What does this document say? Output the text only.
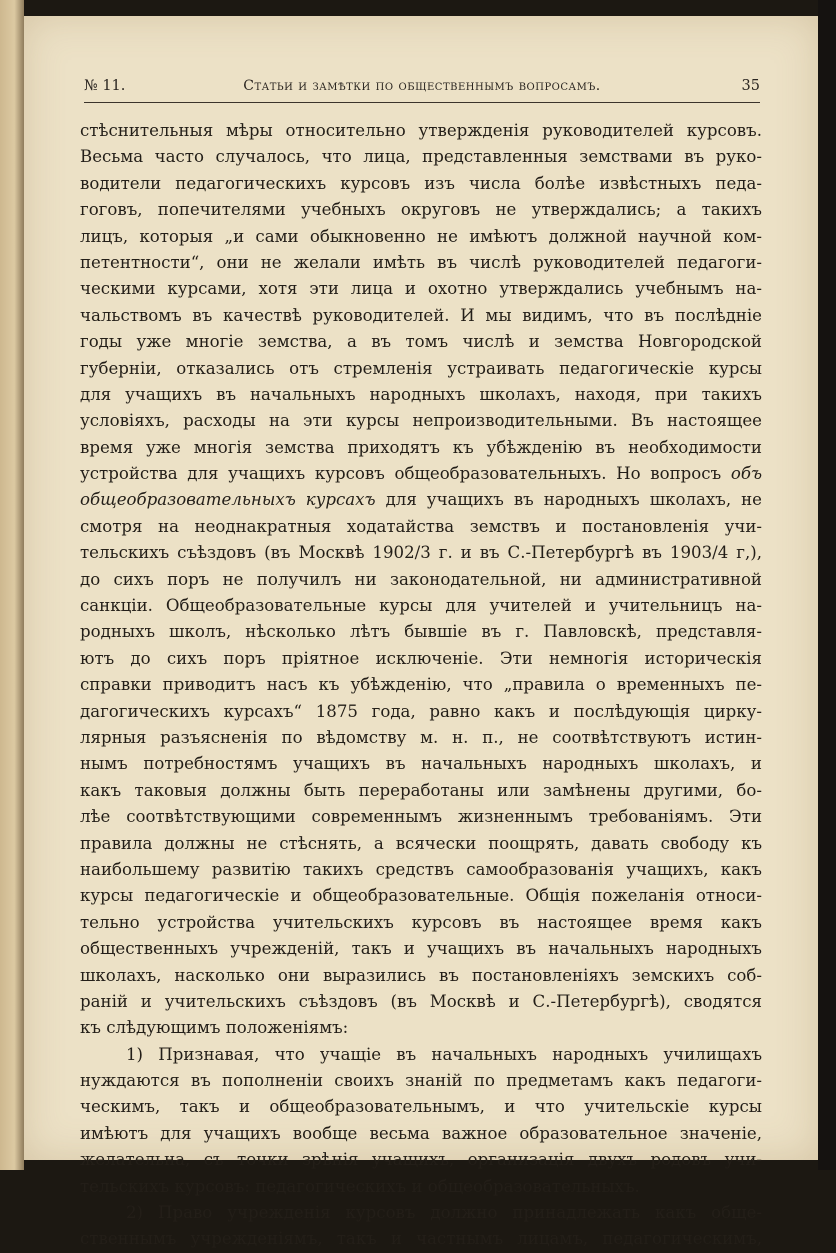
№ 11.	Статьи и замѣтки по общественнымъ вопросамъ.	35
стѣснительныя мѣры относительно утвержденія руководителей курсовъ.
Весьма часто случалось, что лица, представленныя земствами въ руко-
водители педагогическихъ курсовъ изъ числа болѣе извѣстныхъ педа-
гоговъ, попечителями учебныхъ округовъ не утверждались; а такихъ
лицъ, которыя „и сами обыкновенно не имѣютъ должной научной ком-
петентности“, они не желали имѣть въ числѣ руководителей педагоги-
ческими курсами, хотя эти лица и охотно утверждались учебнымъ на-
чальствомъ въ качествѣ руководителей. И мы видимъ, что въ послѣдніе
годы уже многіе земства, а въ томъ числѣ и земства Новгородской
губерніи, отказались отъ стремленія устраивать педагогическіе курсы
для учащихъ въ начальныхъ народныхъ школахъ, находя, при такихъ
условіяхъ, расходы на эти курсы непроизводительными. Въ настоящее
время уже многія земства приходятъ къ убѣжденію въ необходимости
устройства для учащихъ курсовъ общеобразовательныхъ. Но вопросъ объ
общеобразовательныхъ курсахъ для учащихъ въ народныхъ школахъ, не
смотря на неоднакратныя ходатайства земствъ и постановленія учи-
тельскихъ съѣздовъ (въ Москвѣ 1902/3 г. и въ С.-Петербургѣ въ 1903/4 г,),
до сихъ поръ не получилъ ни законодательной, ни административной
санкціи. Общеобразовательные курсы для учителей и учительницъ на-
родныхъ школъ, нѣсколько лѣтъ бывшіе въ г. Павловскѣ, представля-
ютъ до сихъ поръ пріятное исключеніе. Эти немногія историческія
справки приводитъ насъ къ убѣжденію, что „правила о временныхъ пе-
дагогическихъ курсахъ“ 1875 года, равно какъ и послѣдующія цирку-
лярныя разъясненія по вѣдомству м. н. п., не соотвѣтствуютъ истин-
нымъ потребностямъ учащихъ въ начальныхъ народныхъ школахъ, и
какъ таковыя должны быть переработаны или замѣнены другими, бо-
лѣе соотвѣтствующими современнымъ жизненнымъ требованіямъ. Эти
правила должны не стѣснять, а всячески поощрять, давать свободу къ
наибольшему развитію такихъ средствъ самообразованія учащихъ, какъ
курсы педагогическіе и общеобразовательные. Общія пожеланія относи-
тельно устройства учительскихъ курсовъ въ настоящее время какъ
общественныхъ учрежденій, такъ и учащихъ въ начальныхъ народныхъ
школахъ, насколько они выразились въ постановленіяхъ земскихъ соб-
раній и учительскихъ съѣздовъ (въ Москвѣ и С.-Петербургѣ), сводятся
къ слѣдующимъ положеніямъ:
1) Признавая, что учащіе въ начальныхъ народныхъ училищахъ
нуждаются въ пополненіи своихъ знаній по предметамъ какъ педагоги-
ческимъ, такъ и общеобразовательнымъ, и что учительскіе курсы
имѣютъ для учащихъ вообще весьма важное образовательное значеніе,
желательна, съ точки зрѣнія учащихъ, организація двухъ родовъ учи-
тельскихъ курсовъ: педагогическихъ и общеобразовательныхъ.
2) Право учрежденія курсовъ должно принадлежать какъ обще-
ственнымъ учрежденіямъ, такъ и частнымъ лицамъ, педагогическимъ,
